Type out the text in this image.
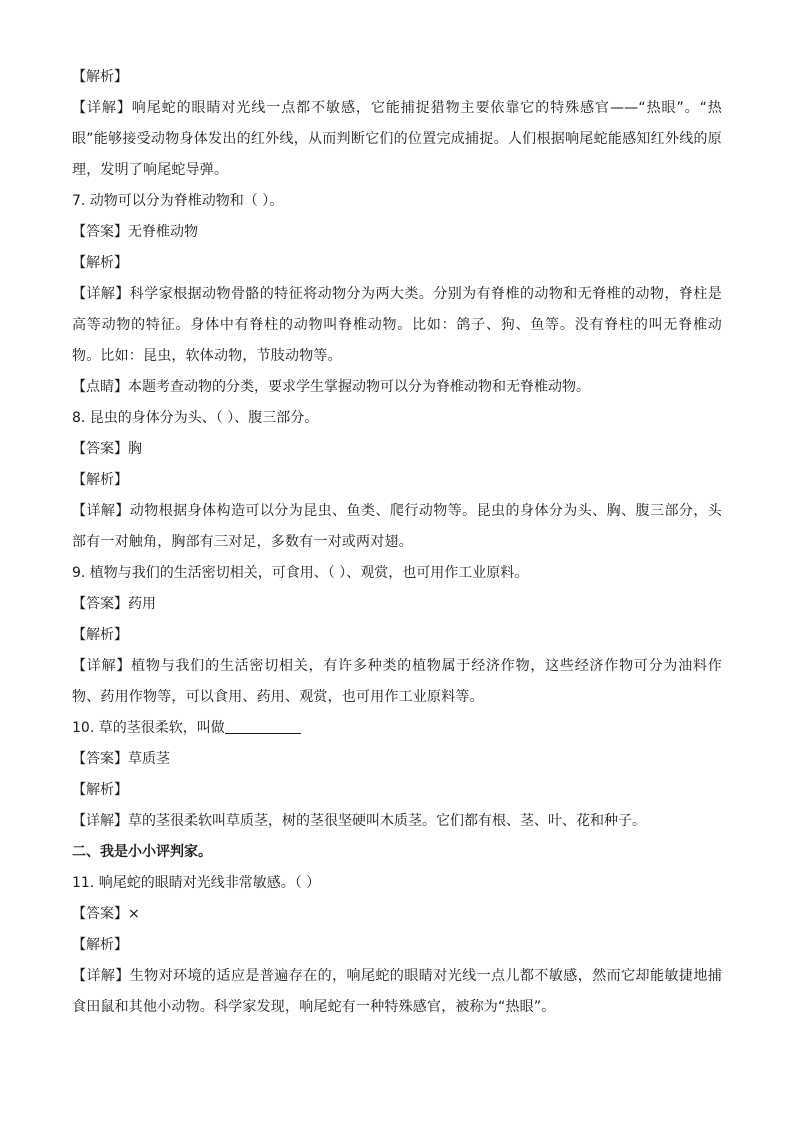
【解析】
【详解】响尾蛇的眼睛对光线一点都不敏感，它能捕捉猎物主要依靠它的特殊感官——“热眼”。“热眼”能够接受动物身体发出的红外线，从而判断它们的位置完成捕捉。人们根据响尾蛇能感知红外线的原理，发明了响尾蛇导弹。
7. 动物可以分为脊椎动物和（ ）。
【答案】无脊椎动物
【解析】
【详解】科学家根据动物骨骼的特征将动物分为两大类。分别为有脊椎的动物和无脊椎的动物，脊柱是高等动物的特征。身体中有脊柱的动物叫脊椎动物。比如：鸽子、狗、鱼等。没有脊柱的叫无脊椎动物。比如：昆虫，软体动物，节肢动物等。
【点睛】本题考查动物的分类，要求学生掌握动物可以分为脊椎动物和无脊椎动物。
8. 昆虫的身体分为头、（ ）、腹三部分。
【答案】胸
【解析】
【详解】动物根据身体构造可以分为昆虫、鱼类、爬行动物等。昆虫的身体分为头、胸、腹三部分，头部有一对触角，胸部有三对足，多数有一对或两对翅。
9. 植物与我们的生活密切相关，可食用、（ ）、观赏，也可用作工业原料。
【答案】药用
【解析】
【详解】植物与我们的生活密切相关，有许多种类的植物属于经济作物，这些经济作物可分为油料作物、药用作物等，可以食用、药用、观赏，也可用作工业原料等。
10. 草的茎很柔软，叫做
【答案】草质茎
【解析】
【详解】草的茎很柔软叫草质茎，树的茎很坚硬叫木质茎。它们都有根、茎、叶、花和种子。
二、我是小小评判家。
11. 响尾蛇的眼睛对光线非常敏感。（ ）
【答案】×
【解析】
【详解】生物对环境的适应是普遍存在的，响尾蛇的眼睛对光线一点儿都不敏感，然而它却能敏捷地捕食田鼠和其他小动物。科学家发现，响尾蛇有一种特殊感官，被称为“热眼”。
